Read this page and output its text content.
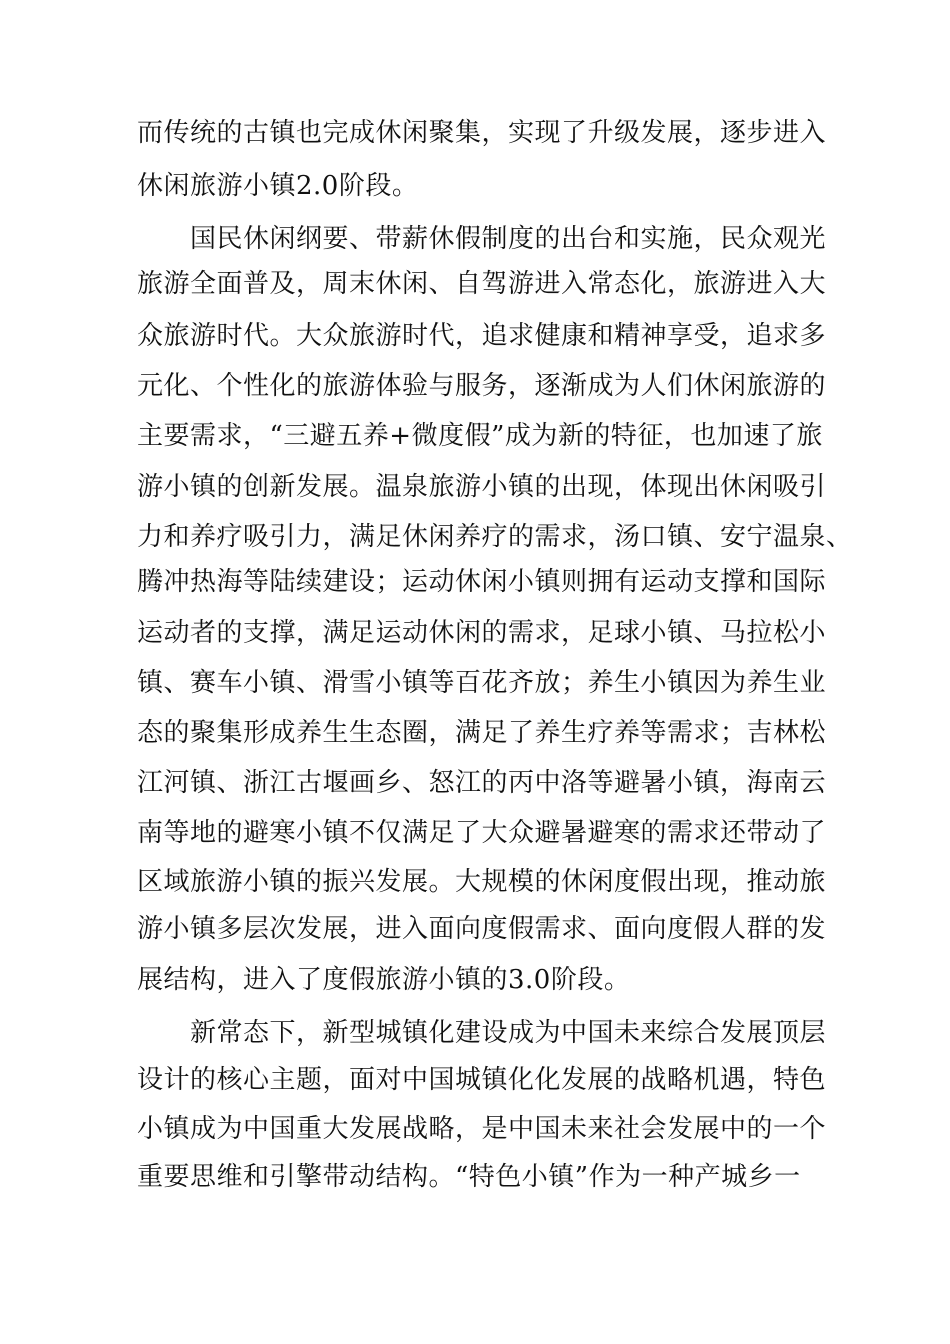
而传统的古镇也完成休闲聚集，实现了升级发展，逐步进入
休闲旅游小镇2.0阶段。
国民休闲纲要、带薪休假制度的出台和实施，民众观光
旅游全面普及，周末休闲、自驾游进入常态化，旅游进入大
众旅游时代。大众旅游时代，追求健康和精神享受，追求多
元化、个性化的旅游体验与服务，逐渐成为人们休闲旅游的
主要需求，“三避五养+微度假”成为新的特征，也加速了旅
游小镇的创新发展。温泉旅游小镇的出现，体现出休闲吸引
力和养疗吸引力，满足休闲养疗的需求，汤口镇、安宁温泉、
腾冲热海等陆续建设；运动休闲小镇则拥有运动支撑和国际
运动者的支撑，满足运动休闲的需求，足球小镇、马拉松小
镇、赛车小镇、滑雪小镇等百花齐放；养生小镇因为养生业
态的聚集形成养生生态圈，满足了养生疗养等需求；吉林松
江河镇、浙江古堰画乡、怒江的丙中洛等避暑小镇，海南云
南等地的避寒小镇不仅满足了大众避暑避寒的需求还带动了
区域旅游小镇的振兴发展。大规模的休闲度假出现，推动旅
游小镇多层次发展，进入面向度假需求、面向度假人群的发
展结构，进入了度假旅游小镇的3.0阶段。
新常态下，新型城镇化建设成为中国未来综合发展顶层
设计的核心主题，面对中国城镇化化发展的战略机遇，特色
小镇成为中国重大发展战略，是中国未来社会发展中的一个
重要思维和引擎带动结构。“特色小镇”作为一种产城乡一
